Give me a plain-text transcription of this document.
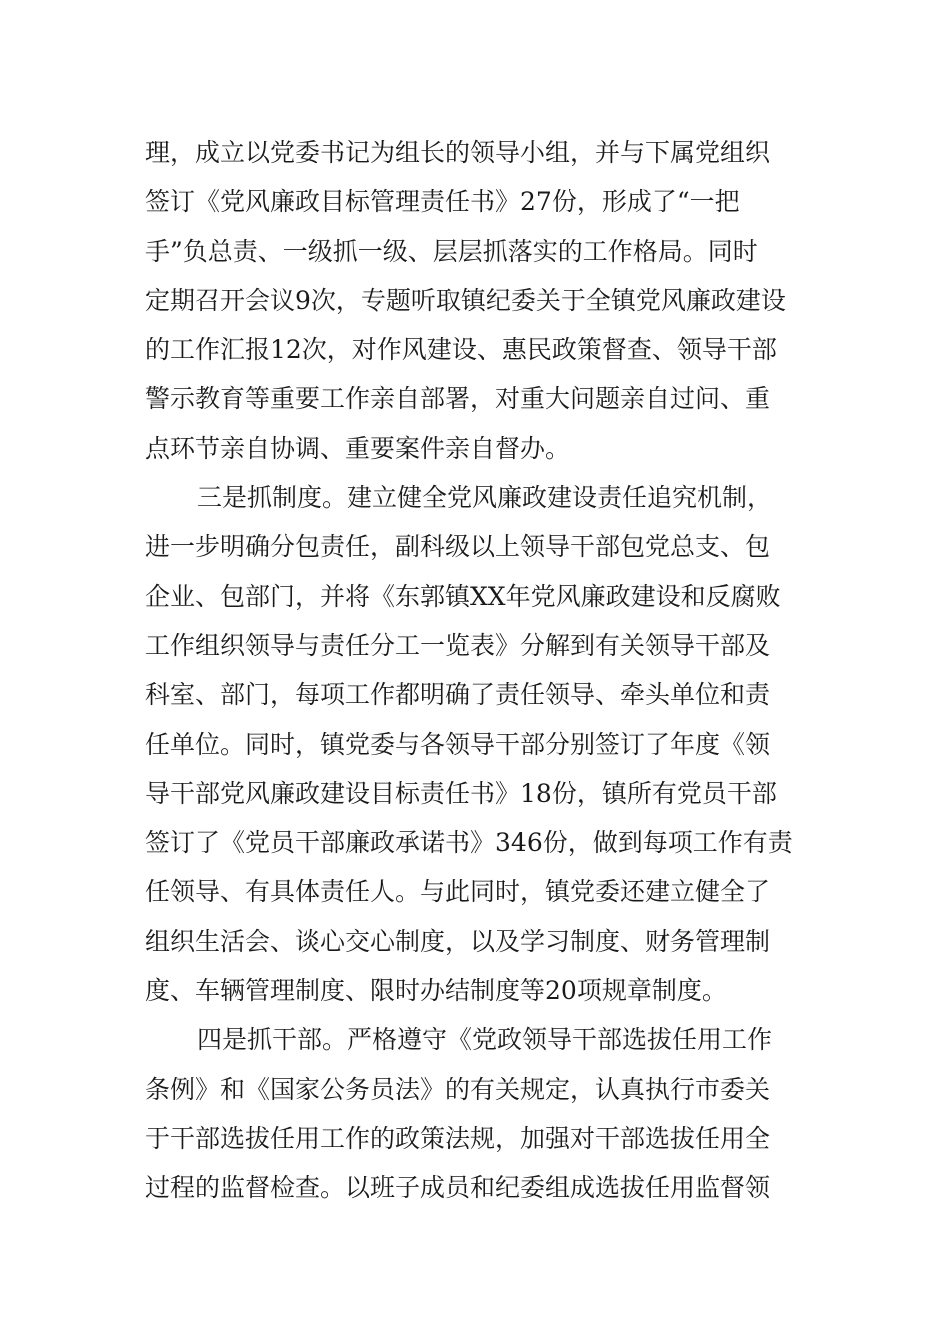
理，成立以党委书记为组长的领导小组，并与下属党组织
签订《党风廉政目标管理责任书》27份，形成了“一把
手”负总责、一级抓一级、层层抓落实的工作格局。同时
定期召开会议9次，专题听取镇纪委关于全镇党风廉政建设
的工作汇报12次，对作风建设、惠民政策督查、领导干部
警示教育等重要工作亲自部署，对重大问题亲自过问、重
点环节亲自协调、重要案件亲自督办。
三是抓制度。建立健全党风廉政建设责任追究机制，
进一步明确分包责任，副科级以上领导干部包党总支、包
企业、包部门，并将《东郭镇XX年党风廉政建设和反腐败
工作组织领导与责任分工一览表》分解到有关领导干部及
科室、部门，每项工作都明确了责任领导、牵头单位和责
任单位。同时，镇党委与各领导干部分别签订了年度《领
导干部党风廉政建设目标责任书》18份，镇所有党员干部
签订了《党员干部廉政承诺书》346份，做到每项工作有责
任领导、有具体责任人。与此同时，镇党委还建立健全了
组织生活会、谈心交心制度，以及学习制度、财务管理制
度、车辆管理制度、限时办结制度等20项规章制度。
四是抓干部。严格遵守《党政领导干部选拔任用工作
条例》和《国家公务员法》的有关规定，认真执行市委关
于干部选拔任用工作的政策法规，加强对干部选拔任用全
过程的监督检查。以班子成员和纪委组成选拔任用监督领
